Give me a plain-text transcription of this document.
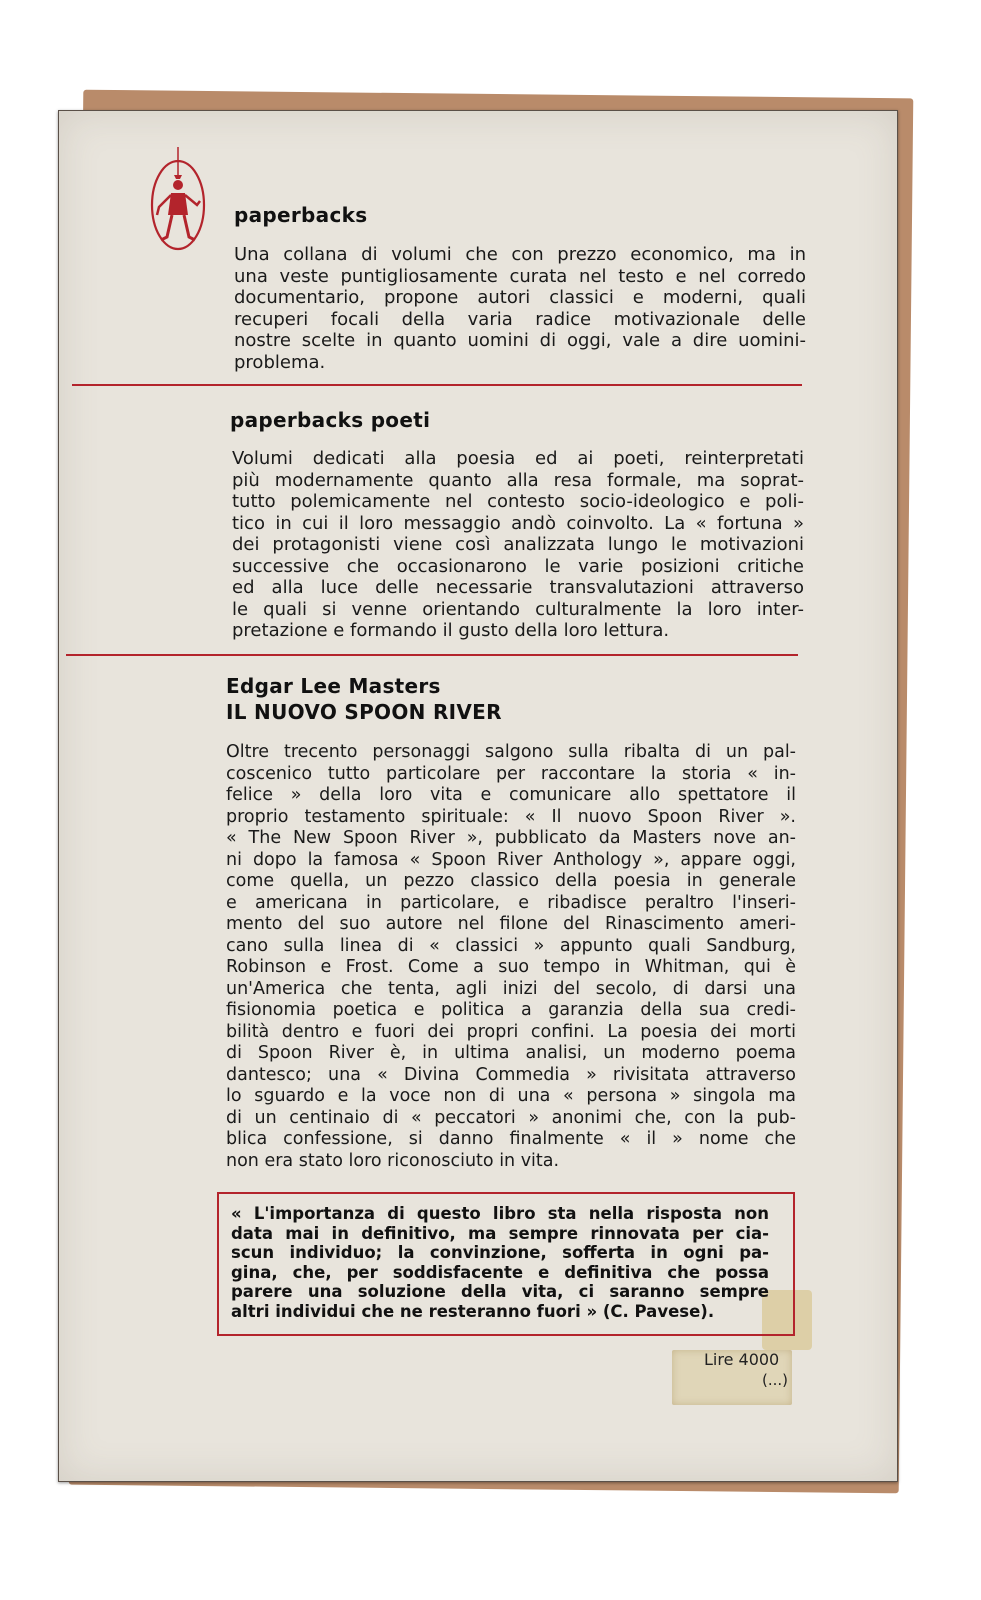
paperbacks

Una collana di volumi che con prezzo economico, ma in
una veste puntigliosamente curata nel testo e nel corredo
documentario, propone autori classici e moderni, quali
recuperi focali della varia radice motivazionale delle
nostre scelte in quanto uomini di oggi, vale a dire uomini-
problema.

paperbacks poeti

Volumi dedicati alla poesia ed ai poeti, reinterpretati
più modernamente quanto alla resa formale, ma soprat-
tutto polemicamente nel contesto socio-ideologico e poli-
tico in cui il loro messaggio andò coinvolto. La « fortuna »
dei protagonisti viene così analizzata lungo le motivazioni
successive che occasionarono le varie posizioni critiche
ed alla luce delle necessarie transvalutazioni attraverso
le quali si venne orientando culturalmente la loro inter-
pretazione e formando il gusto della loro lettura.

Edgar Lee Masters
IL NUOVO SPOON RIVER

Oltre trecento personaggi salgono sulla ribalta di un pal-
coscenico tutto particolare per raccontare la storia « in-
felice » della loro vita e comunicare allo spettatore il
proprio testamento spirituale: « Il nuovo Spoon River ».
« The New Spoon River », pubblicato da Masters nove an-
ni dopo la famosa « Spoon River Anthology », appare oggi,
come quella, un pezzo classico della poesia in generale
e americana in particolare, e ribadisce peraltro l'inseri-
mento del suo autore nel filone del Rinascimento ameri-
cano sulla linea di « classici » appunto quali Sandburg,
Robinson e Frost. Come a suo tempo in Whitman, qui è
un'America che tenta, agli inizi del secolo, di darsi una
fisionomia poetica e politica a garanzia della sua credi-
bilità dentro e fuori dei propri confini. La poesia dei morti
di Spoon River è, in ultima analisi, un moderno poema
dantesco; una « Divina Commedia » rivisitata attraverso
lo sguardo e la voce non di una « persona » singola ma
di un centinaio di « peccatori » anonimi che, con la pub-
blica confessione, si danno finalmente « il » nome che
non era stato loro riconosciuto in vita.

« L'importanza di questo libro sta nella risposta non
data mai in definitivo, ma sempre rinnovata per cia-
scun individuo; la convinzione, sofferta in ogni pa-
gina, che, per soddisfacente e definitiva che possa
parere una soluzione della vita, ci saranno sempre
altri individui che ne resteranno fuori » (C. Pavese).

Lire 4000
(...)
